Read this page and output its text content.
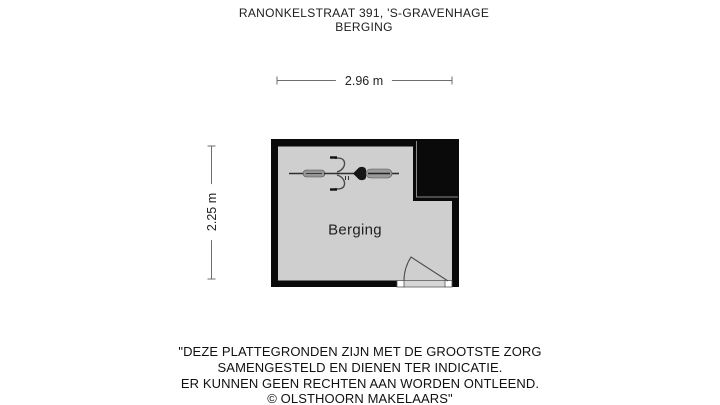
RANONKELSTRAAT 391, 'S-GRAVENHAGE
BERGING
2.96 m
2.25 m	Berging
"DEZE PLATTEGRONDEN ZIJN MET DE GROOTSTE ZORG
SAMENGESTELD EN DIENEN TER INDICATIE.
ER KUNNEN GEEN RECHTEN AAN WORDEN ONTLEEND.
© OLSTHOORN MAKELAARS"
